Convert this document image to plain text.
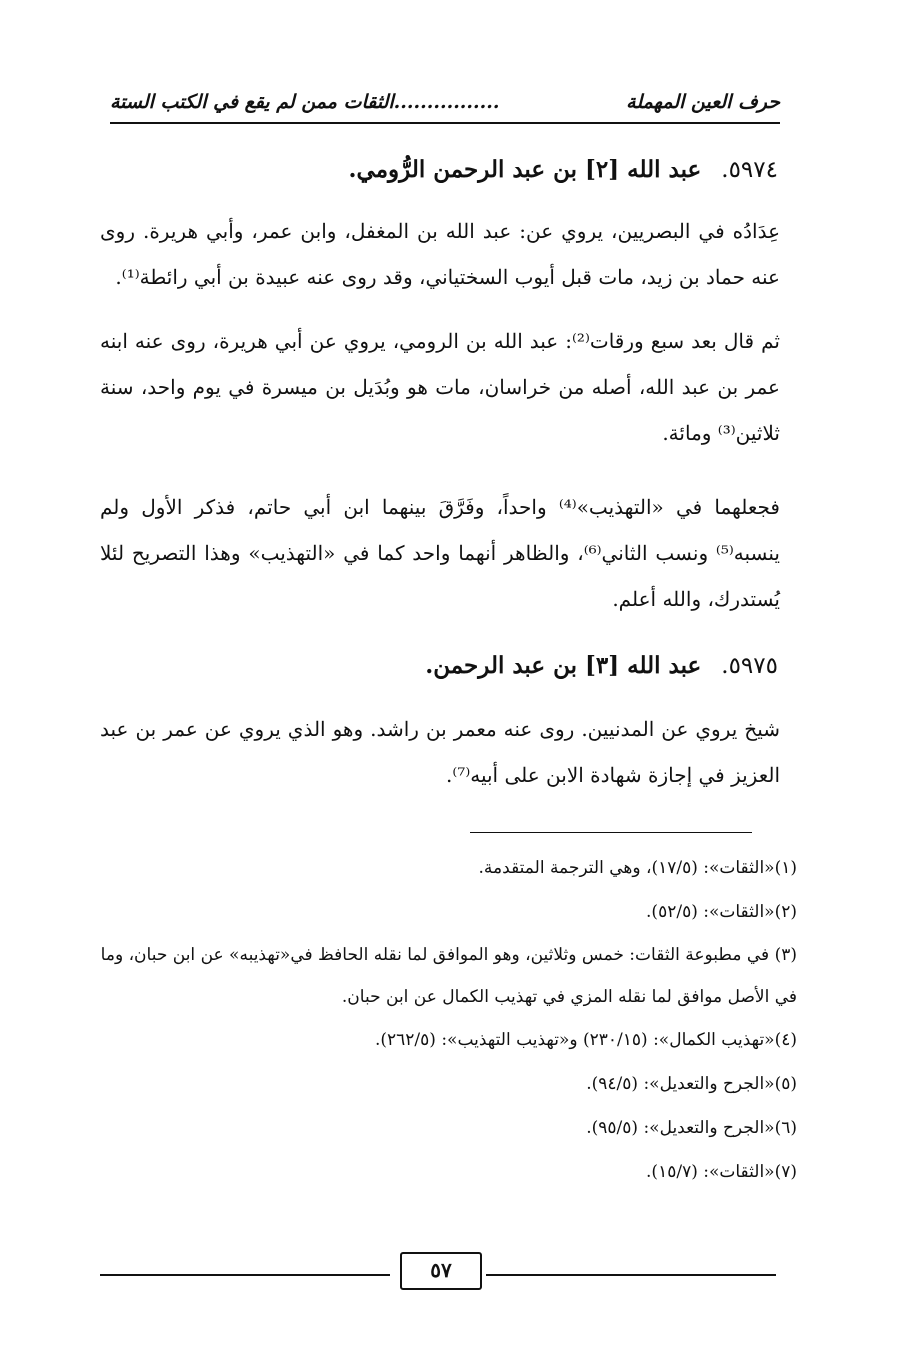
حرف العين المهملة
................الثقات ممن لم يقع في الكتب الستة
٥٩٧٤. عبد الله [٢] بن عبد الرحمن الرُّومي.

عِدَادُه في البصريين، يروي عن: عبد الله بن المغفل، وابن عمر، وأبي هريرة. روى عنه حماد بن زيد، مات قبل أيوب السختياني، وقد روى عنه عبيدة بن أبي رائطة⁽¹⁾.

ثم قال بعد سبع ورقات⁽²⁾: عبد الله بن الرومي، يروي عن أبي هريرة، روى عنه ابنه عمر بن عبد الله، أصله من خراسان، مات هو وبُدَيل بن ميسرة في يوم واحد، سنة ثلاثين⁽³⁾ ومائة.

فجعلهما في «التهذيب»⁽⁴⁾ واحداً، وفَرَّقَ بينهما ابن أبي حاتم، فذكر الأول ولم ينسبه⁽⁵⁾ ونسب الثاني⁽⁶⁾، والظاهر أنهما واحد كما في «التهذيب» وهذا التصريح لئلا يُستدرك، والله أعلم.

٥٩٧٥. عبد الله [٣] بن عبد الرحمن.

شيخ يروي عن المدنيين. روى عنه معمر بن راشد. وهو الذي يروي عن عمر بن عبد العزيز في إجازة شهادة الابن على أبيه⁽⁷⁾.

(١)«الثقات»: (١٧/٥)، وهي الترجمة المتقدمة.

(٢)«الثقات»: (٥٢/٥).

(٣) في مطبوعة الثقات: خمس وثلاثين، وهو الموافق لما نقله الحافظ في«تهذيبه» عن ابن حبان، وما في الأصل موافق لما نقله المزي في تهذيب الكمال عن ابن حبان.

(٤)«تهذيب الكمال»: (٢٣٠/١٥) و«تهذيب التهذيب»: (٢٦٢/٥).

(٥)«الجرح والتعديل»: (٩٤/٥).

(٦)«الجرح والتعديل»: (٩٥/٥).

(٧)«الثقات»: (١٥/٧).

٥٧
